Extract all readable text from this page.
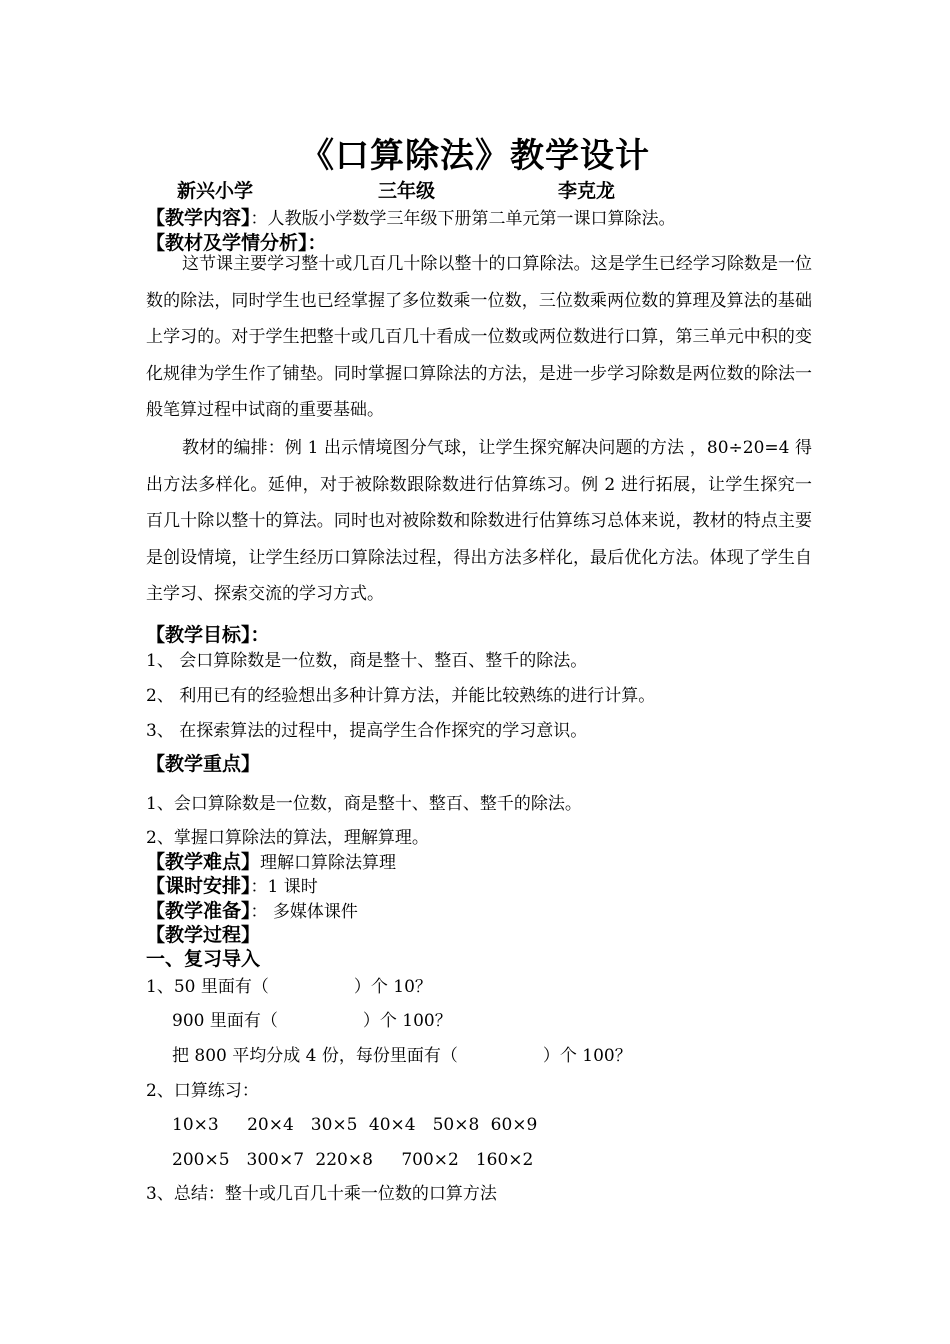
《口算除法》教学设计
新兴小学	三年级	李克龙
【教学内容】：人教版小学数学三年级下册第二单元第一课口算除法。
【教材及学情分析】：
这节课主要学习整十或几百几十除以整十的口算除法。这是学生已经学习除数是一位数的除法，同时学生也已经掌握了多位数乘一位数，三位数乘两位数的算理及算法的基础上学习的。对于学生把整十或几百几十看成一位数或两位数进行口算，第三单元中积的变化规律为学生作了铺垫。同时掌握口算除法的方法，是进一步学习除数是两位数的除法一般笔算过程中试商的重要基础。
教材的编排：例 1 出示情境图分气球，让学生探究解决问题的方法 ，80÷20=4 得出方法多样化。延伸，对于被除数跟除数进行估算练习。例 2 进行拓展，让学生探究一百几十除以整十的算法。同时也对被除数和除数进行估算练习总体来说，教材的特点主要是创设情境，让学生经历口算除法过程，得出方法多样化，最后优化方法。体现了学生自主学习、探索交流的学习方式。
【教学目标】：
1、 会口算除数是一位数，商是整十、整百、整千的除法。
2、 利用已有的经验想出多种计算方法，并能比较熟练的进行计算。
3、 在探索算法的过程中，提高学生合作探究的学习意识。
【教学重点】
1、会口算除数是一位数，商是整十、整百、整千的除法。
2、掌握口算除法的算法，理解算理。
【教学难点】理解口算除法算理
【课时安排】：1 课时
【教学准备】： 多媒体课件
【教学过程】
一、复习导入
1、50 里面有（　　　　　）个 10？
900 里面有（　　　　　）个 100？
把 800 平均分成 4 份，每份里面有（　　　　　）个 100？
2、口算练习：
10×3　 20×4　30×5 40×4　50×8 60×9
200×5　300×7 220×8　 700×2　160×2
3、总结：整十或几百几十乘一位数的口算方法
